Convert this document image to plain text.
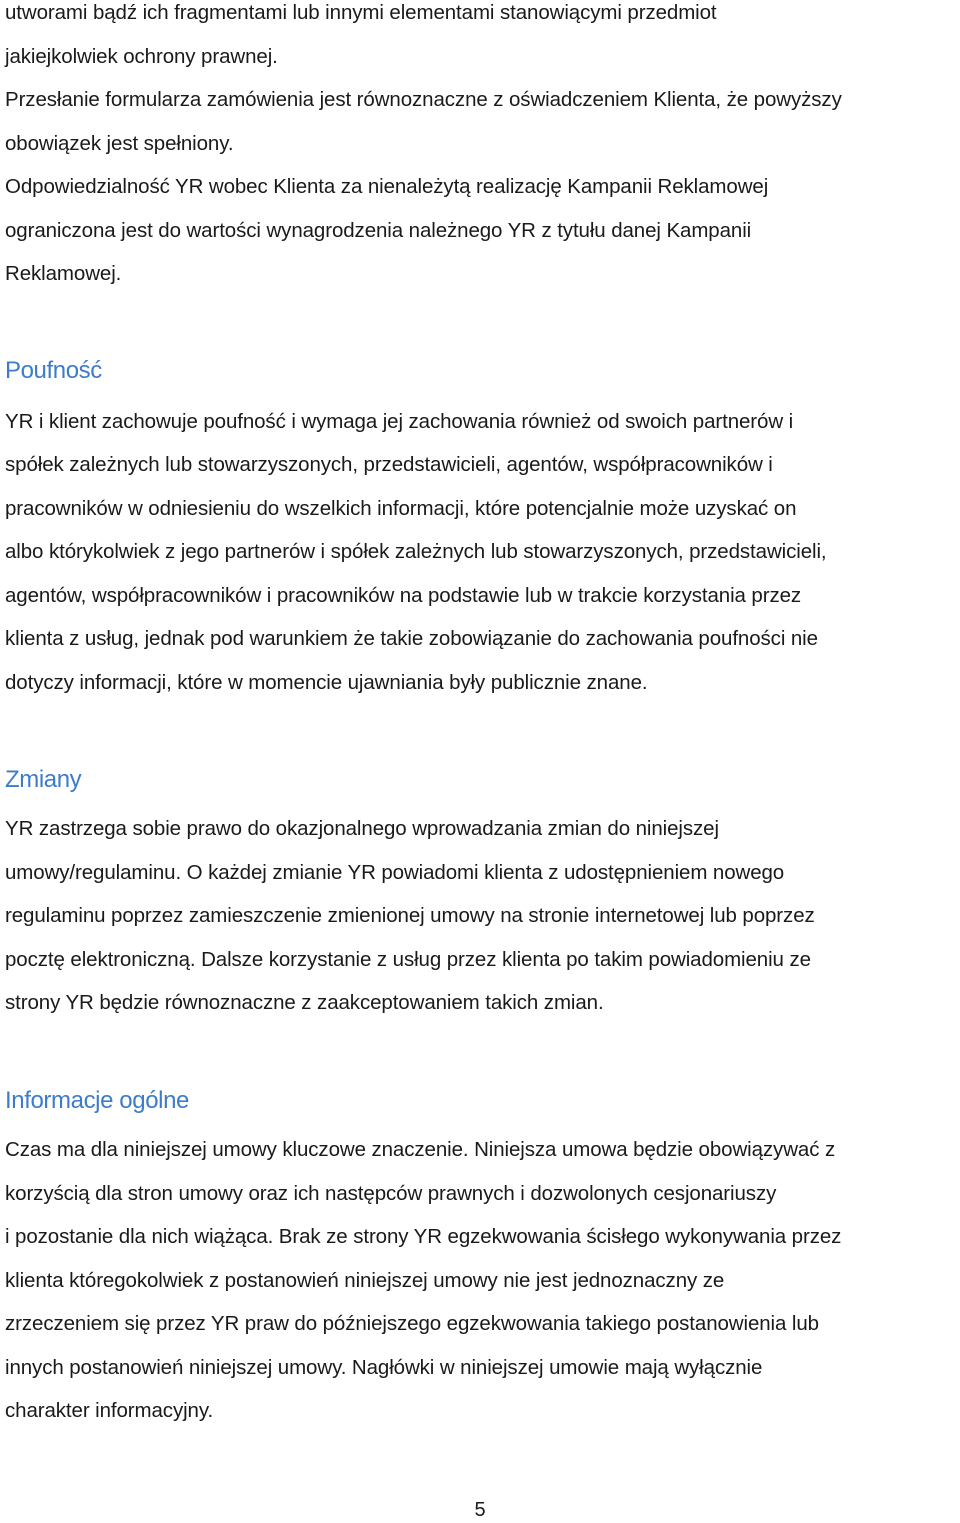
utworami bądź ich fragmentami lub innymi elementami stanowiącymi przedmiot
jakiejkolwiek ochrony prawnej.
Przesłanie formularza zamówienia jest równoznaczne z oświadczeniem Klienta, że powyższy
obowiązek jest spełniony.
Odpowiedzialność YR wobec Klienta za nienależytą realizację Kampanii Reklamowej
ograniczona jest do wartości wynagrodzenia należnego YR z tytułu danej Kampanii
Reklamowej.
Poufność
YR i klient zachowuje poufność i wymaga jej zachowania również od swoich partnerów i
spółek zależnych lub stowarzyszonych, przedstawicieli, agentów, współpracowników i
pracowników w odniesieniu do wszelkich informacji, które potencjalnie może uzyskać on
albo którykolwiek z jego partnerów i spółek zależnych lub stowarzyszonych, przedstawicieli,
agentów, współpracowników i pracowników na podstawie lub w trakcie korzystania przez
klienta z usług, jednak pod warunkiem że takie zobowiązanie do zachowania poufności nie
dotyczy informacji, które w momencie ujawniania były publicznie znane.
Zmiany
YR zastrzega sobie prawo do okazjonalnego wprowadzania zmian do niniejszej
umowy/regulaminu. O każdej zmianie YR powiadomi klienta z udostępnieniem nowego
regulaminu poprzez zamieszczenie zmienionej umowy na stronie internetowej lub poprzez
pocztę elektroniczną. Dalsze korzystanie z usług przez klienta po takim powiadomieniu ze
strony YR będzie równoznaczne z zaakceptowaniem takich zmian.
Informacje ogólne
Czas ma dla niniejszej umowy kluczowe znaczenie. Niniejsza umowa będzie obowiązywać z
korzyścią dla stron umowy oraz ich następców prawnych i dozwolonych cesjonariuszy
i pozostanie dla nich wiążąca. Brak ze strony YR egzekwowania ścisłego wykonywania przez
klienta któregokolwiek z postanowień niniejszej umowy nie jest jednoznaczny ze
zrzeczeniem się przez YR praw do późniejszego egzekwowania takiego postanowienia lub
innych postanowień niniejszej umowy. Nagłówki w niniejszej umowie mają wyłącznie
charakter informacyjny.
5
